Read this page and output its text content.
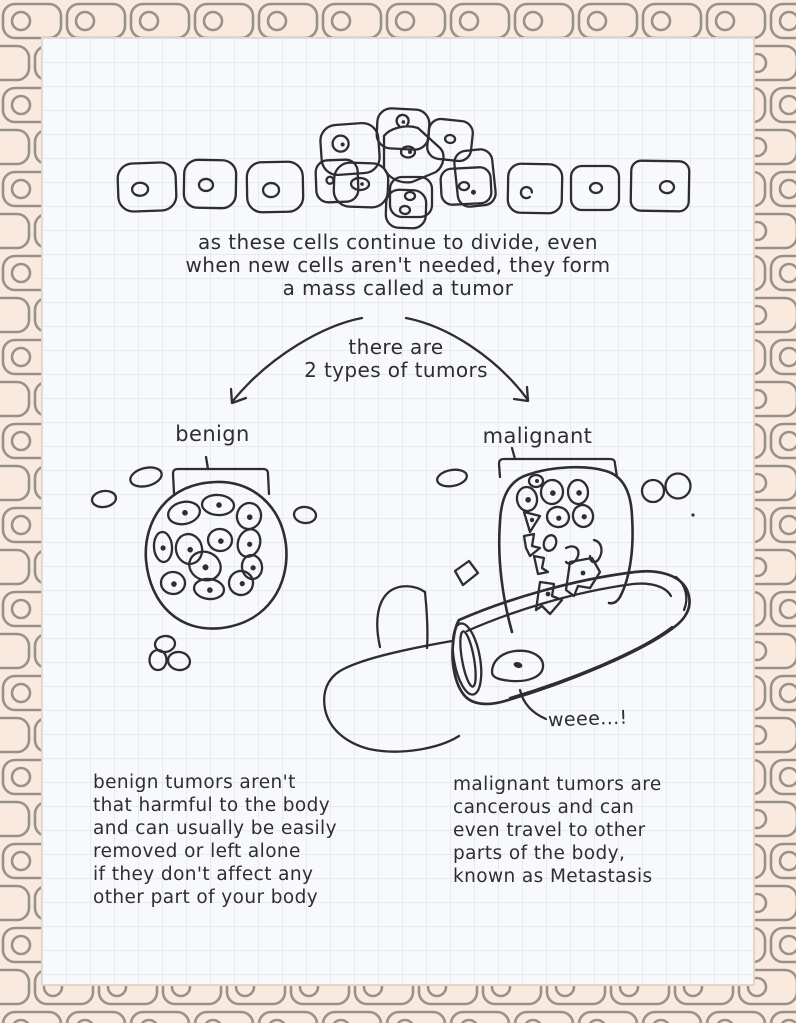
as these cells continue to divide, even
when new cells aren't needed, they form
a mass called a tumor
there are
2 types of tumors
benign	malignant
weee...!
benign tumors aren't
that harmful to the body
and can usually be easily
removed or left alone
if they don't affect any
other part of your body
malignant tumors are
cancerous and can
even travel to other
parts of the body,
known as Metastasis
